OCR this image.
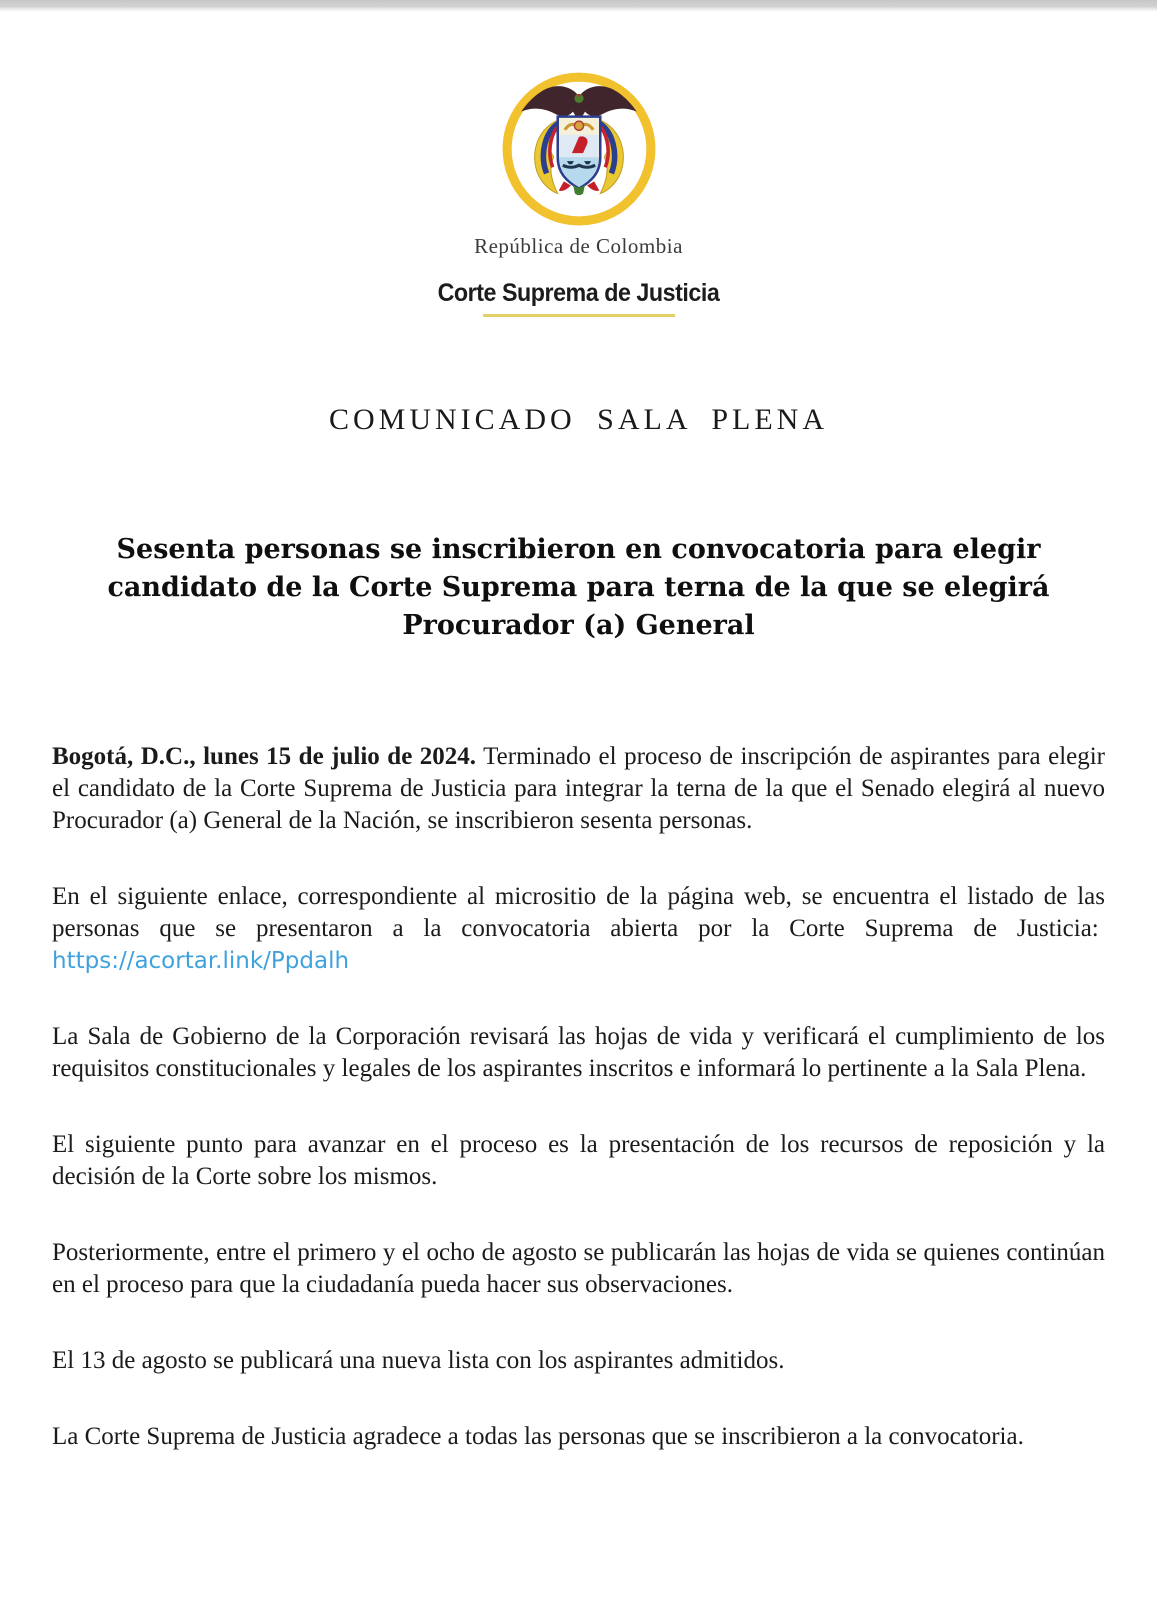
República de Colombia

Corte Suprema de Justicia
COMUNICADO SALA PLENA
Sesenta personas se inscribieron en convocatoria para elegir
candidato de la Corte Suprema para terna de la que se elegirá
Procurador (a) General

Bogotá, D.C., lunes 15 de julio de 2024. Terminado el proceso de inscripción de aspirantes para elegir el candidato de la Corte Suprema de Justicia para integrar la terna de la que el Senado elegirá al nuevo Procurador (a) General de la Nación, se inscribieron sesenta personas.

En el siguiente enlace, correspondiente al micrositio de la página web, se encuentra el listado de las personas que se presentaron a la convocatoria abierta por la Corte Suprema de Justicia:  https://acortar.link/Ppdalh

La Sala de Gobierno de la Corporación revisará las hojas de vida y verificará el cumplimiento de los requisitos constitucionales y legales de los aspirantes inscritos e informará lo pertinente a la Sala Plena.

El siguiente punto para avanzar en el proceso es la presentación de los recursos de reposición y la decisión de la Corte sobre los mismos.

Posteriormente, entre el primero y el ocho de agosto se publicarán las hojas de vida se quienes continúan en el proceso para que la ciudadanía pueda hacer sus observaciones.

El 13 de agosto se publicará una nueva lista con los aspirantes admitidos.

La Corte Suprema de Justicia agradece a todas las personas que se inscribieron a la convocatoria.
